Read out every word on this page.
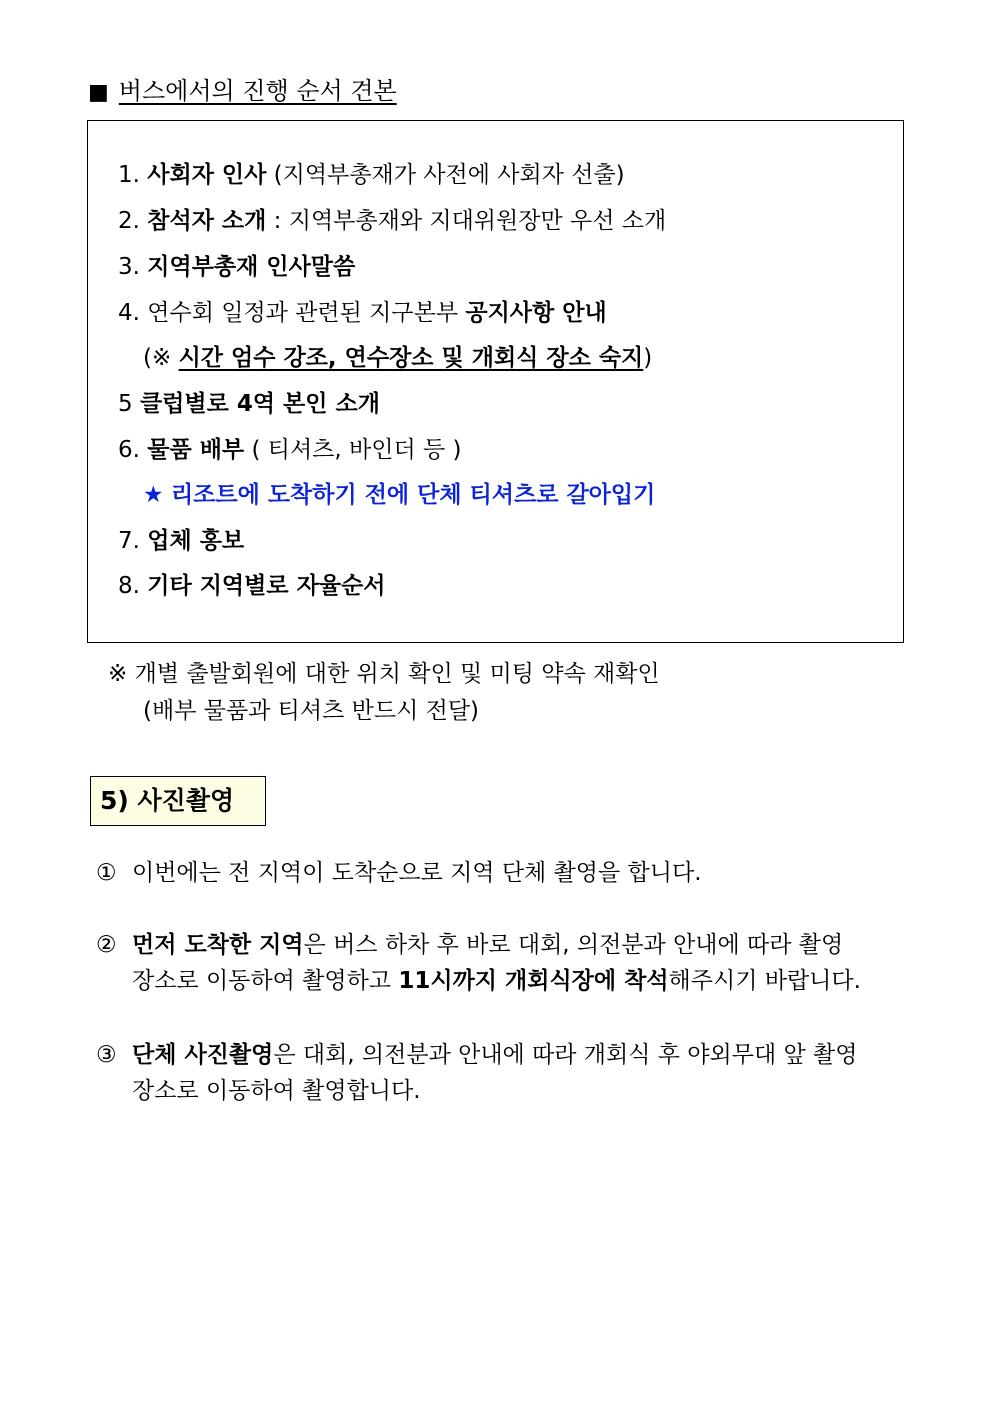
■ 버스에서의 진행 순서 견본
1. 사회자 인사 (지역부총재가 사전에 사회자 선출)
2. 참석자 소개 : 지역부총재와 지대위원장만 우선 소개
3. 지역부총재 인사말씀
4. 연수회 일정과 관련된 지구본부 공지사항 안내
(※ 시간 엄수 강조, 연수장소 및 개회식 장소 숙지)
5 클럽별로 4역 본인 소개
6. 물품 배부 ( 티셔츠, 바인더 등 )
★ 리조트에 도착하기 전에 단체 티셔츠로 갈아입기
7. 업체 홍보
8. 기타 지역별로 자율순서
※ 개별 출발회원에 대한 위치 확인 및 미팅 약속 재확인
(배부 물품과 티셔츠 반드시 전달)
5) 사진촬영
① 이번에는 전 지역이 도착순으로 지역 단체 촬영을 합니다.
② 먼저 도착한 지역은 버스 하차 후 바로 대회, 의전분과 안내에 따라 촬영
장소로 이동하여 촬영하고 11시까지 개회식장에 착석해주시기 바랍니다.
③ 단체 사진촬영은 대회, 의전분과 안내에 따라 개회식 후 야외무대 앞 촬영
장소로 이동하여 촬영합니다.
